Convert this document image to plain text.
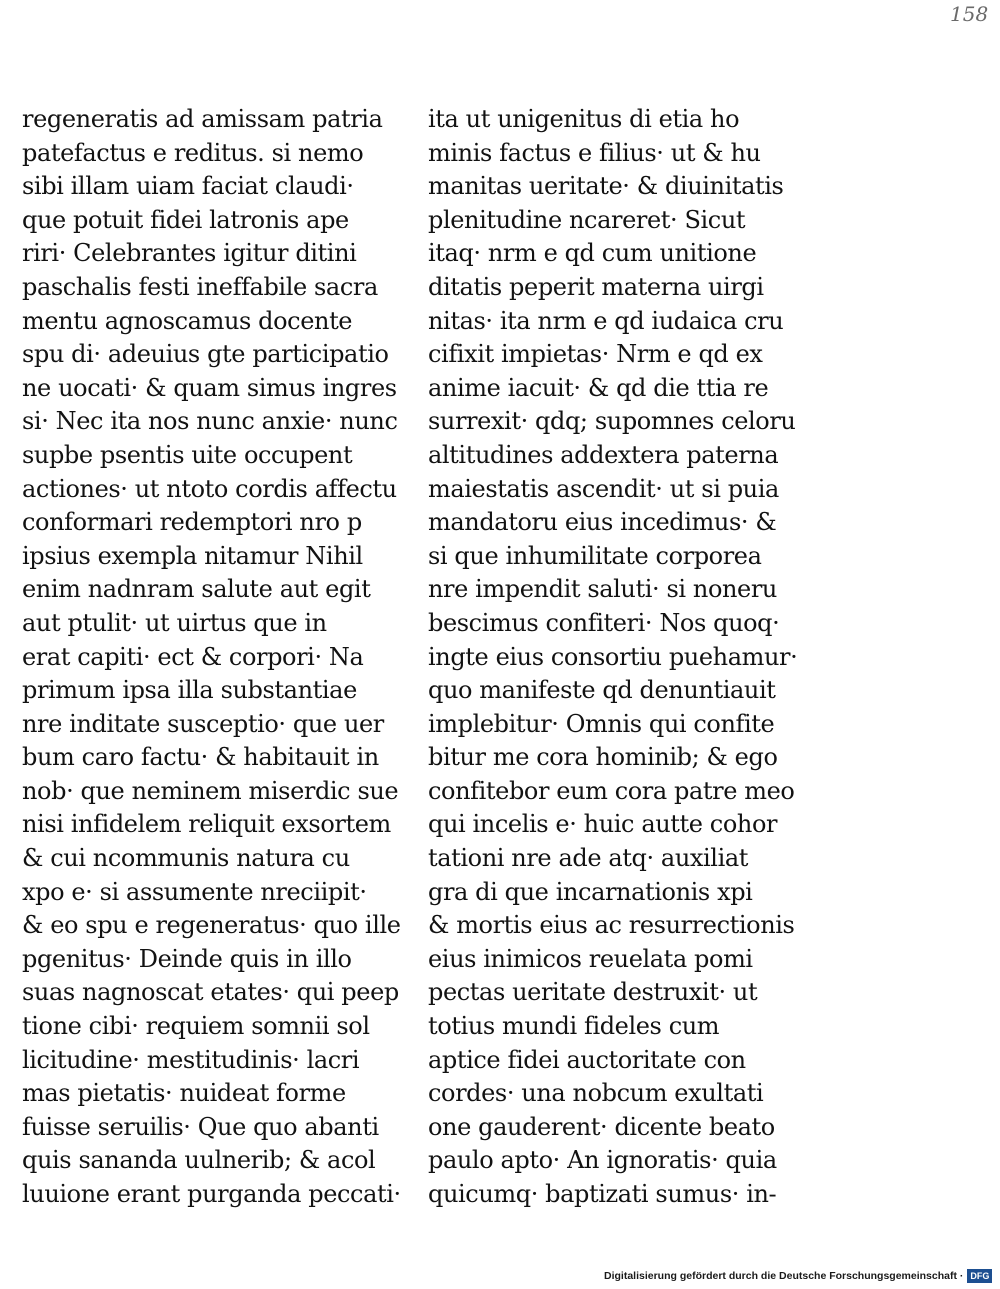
158
regeneratis ad amissam patria
patefactus e reditus. si nemo
sibi illam uiam faciat claudi·
que potuit fidei latronis ape
riri· Celebrantes igitur ditini
paschalis festi ineffabile sacra
mentu agnoscamus docente
spu di· adeuius gte participatio
ne uocati· & quam simus ingres
si· Nec ita nos nunc anxie· nunc
supbe psentis uite occupent
actiones· ut ntoto cordis affectu
conformari redemptori nro p
ipsius exempla nitamur Nihil
enim nadnram salute aut egit
aut ptulit· ut uirtus que in
erat capiti· ect & corpori· Na
primum ipsa illa substantiae
nre inditate susceptio· que uer
bum caro factu· & habitauit in
nob· que neminem miserdic sue
nisi infidelem reliquit exsortem
& cui ncommunis natura cu
xpo e· si assumente nreciipit·
& eo spu e regeneratus· quo ille
pgenitus· Deinde quis in illo
suas nagnoscat etates· qui peep
tione cibi· requiem somnii sol
licitudine· mestitudinis· lacri
mas pietatis· nuideat forme
fuisse seruilis· Que quo abanti
quis sananda uulnerib; & acol
luuione erant purganda peccati·
ita ut unigenitus di etia ho
minis factus e filius· ut & hu
manitas ueritate· & diuinitatis
plenitudine ncareret· Sicut
itaq· nrm e qd cum unitione
ditatis peperit materna uirgi
nitas· ita nrm e qd iudaica cru
cifixit impietas· Nrm e qd ex
anime iacuit· & qd die ttia re
surrexit· qdq; supomnes celoru
altitudines addextera paterna
maiestatis ascendit· ut si puia
mandatoru eius incedimus· &
si que inhumilitate corporea
nre impendit saluti· si noneru
bescimus confiteri· Nos quoq·
ingte eius consortiu puehamur·
quo manifeste qd denuntiauit
implebitur· Omnis qui confite
bitur me cora hominib; & ego
confitebor eum cora patre meo
qui incelis e· huic autte cohor
tationi nre ade atq· auxiliat
gra di que incarnationis xpi
& mortis eius ac resurrectionis
eius inimicos reuelata pomi
pectas ueritate destruxit· ut
totius mundi fideles cum
aptice fidei auctoritate con
cordes· una nobcum exultati
one gauderent· dicente beato
paulo apto· An ignoratis· quia
quicumq· baptizati sumus· in-
Digitalisierung gefördert durch die Deutsche Forschungsgemeinschaft · DFG
